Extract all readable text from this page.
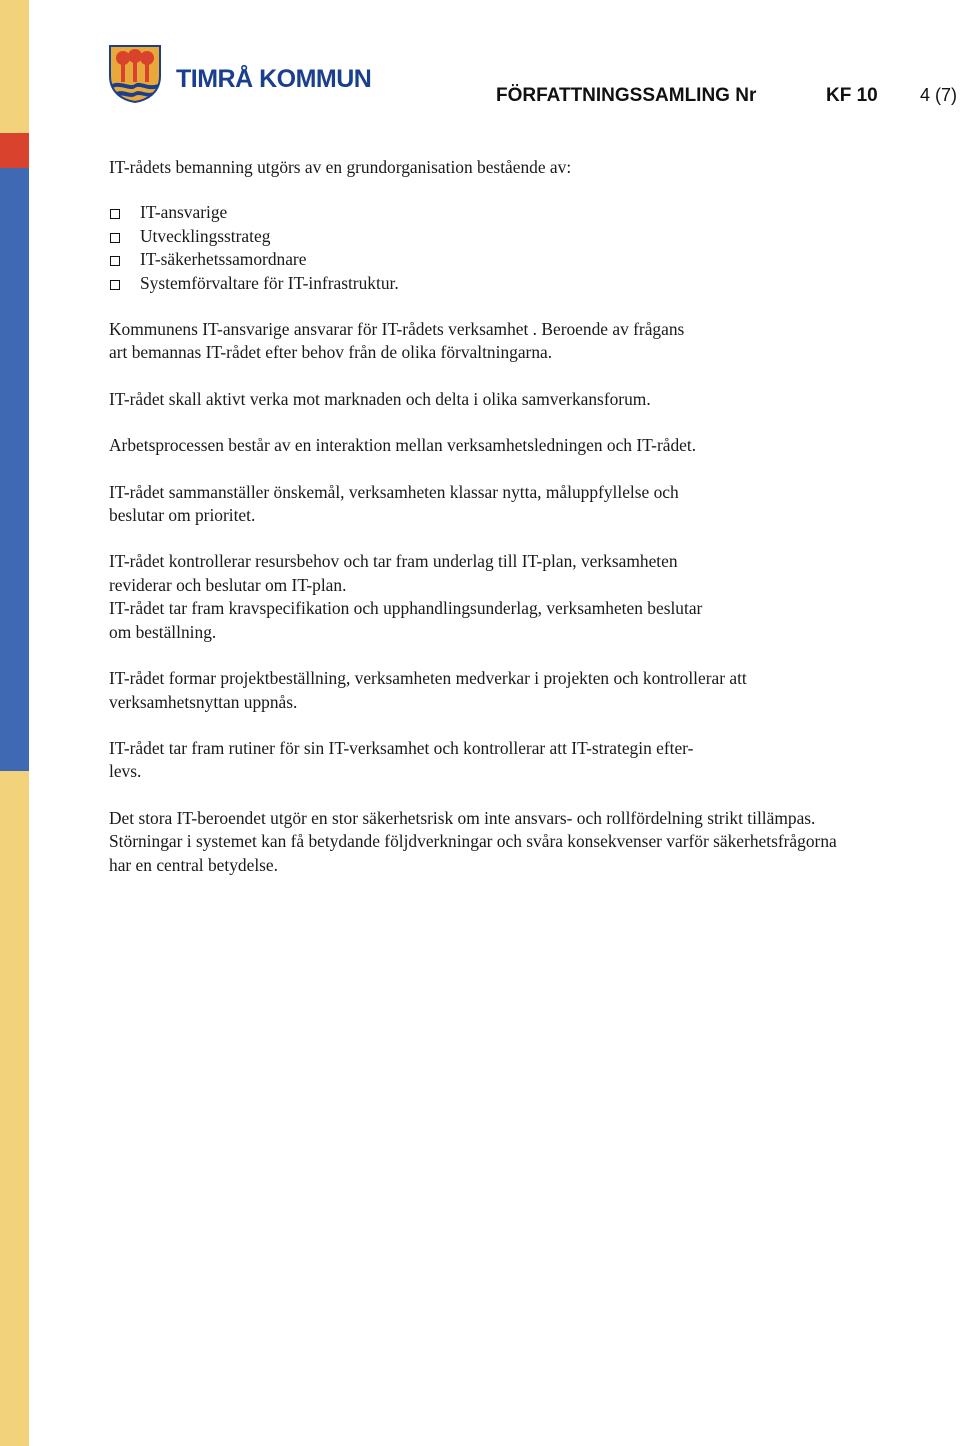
TIMRÅ KOMMUN
FÖRFATTNINGSSAMLING Nr	KF 10 4 (7)

IT-rådets bemanning utgörs av en grundorganisation bestående av:

IT-ansvarige
Utvecklingsstrateg
IT-säkerhetssamordnare
Systemförvaltare för IT-infrastruktur.

Kommunens IT-ansvarige ansvarar för IT-rådets verksamhet . Beroende av frågans

art bemannas IT-rådet efter behov från de olika förvaltningarna.

IT-rådet skall aktivt verka mot marknaden och delta i olika samverkansforum.

Arbetsprocessen består av en interaktion mellan verksamhetsledningen och IT-rådet.

IT-rådet sammanställer önskemål, verksamheten klassar nytta, måluppfyllelse och

beslutar om prioritet.

IT-rådet kontrollerar resursbehov och tar fram underlag till IT-plan, verksamheten

reviderar och beslutar om IT-plan.

IT-rådet tar fram kravspecifikation och upphandlingsunderlag, verksamheten beslutar

om beställning.

IT-rådet formar projektbeställning, verksamheten medverkar i projekten och kontrollerar att

verksamhetsnyttan uppnås.

IT-rådet tar fram rutiner för sin IT-verksamhet och kontrollerar att IT-strategin efter-

levs.

Det stora IT-beroendet utgör en stor säkerhetsrisk om inte ansvars- och rollfördelning strikt tillämpas.

Störningar i systemet kan få betydande följdverkningar och svåra konsekvenser varför säkerhetsfrågorna

har en central betydelse.
